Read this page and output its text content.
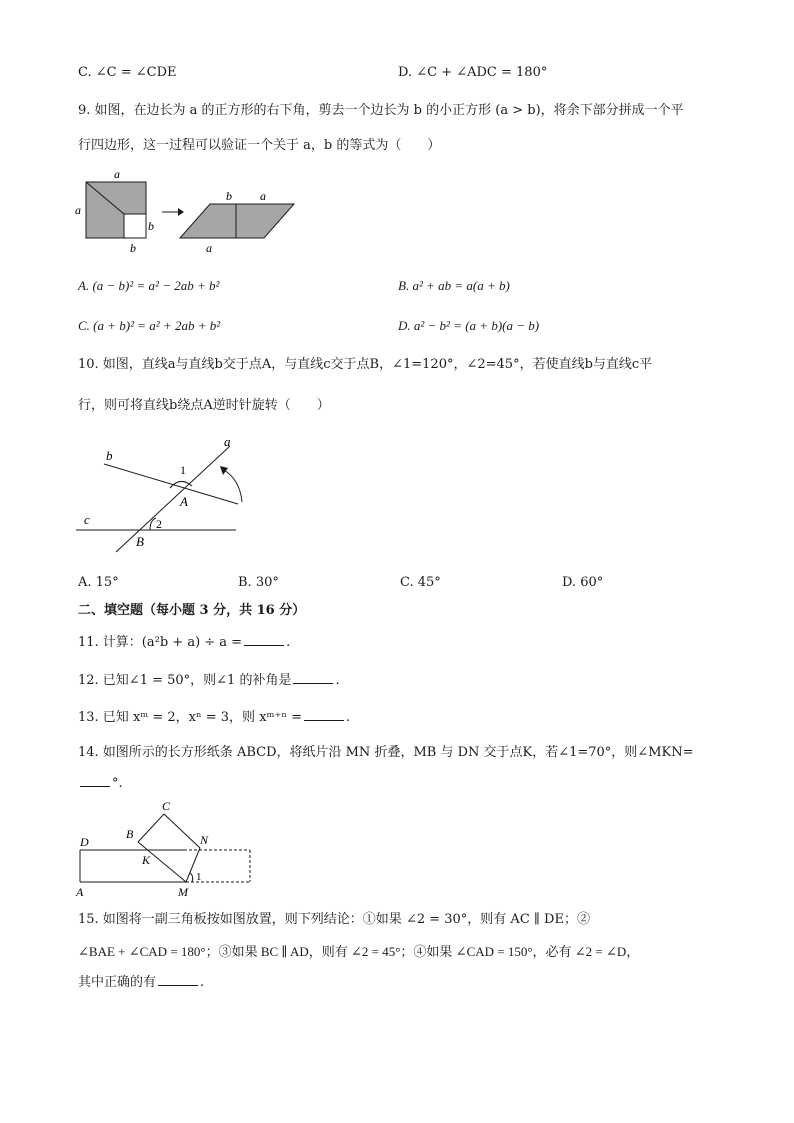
C. ∠C = ∠CDE	D. ∠C + ∠ADC = 180°
9. 如图，在边长为 a 的正方形的右下角，剪去一个边长为 b 的小正方形 (a > b)，将余下部分拼成一个平
行四边形，这一过程可以验证一个关于 a，b 的等式为（　　）
a
a
b
b
b a
a
A. (a − b)² = a² − 2ab + b²	B. a² + ab = a(a + b)
C. (a + b)² = a² + 2ab + b²	D. a² − b² = (a + b)(a − b)
10. 如图，直线a与直线b交于点A，与直线c交于点B，∠1=120°，∠2=45°，若使直线b与直线c平
行，则可将直线b绕点A逆时针旋转（　　）
a
b
c
A
B
1
2
A. 15°	B. 30°	C. 45°	D. 60°
二、填空题（每小题 3 分，共 16 分）
11. 计算：(a²b + a) ÷ a =	.
12. 已知∠1 = 50°，则∠1 的补角是	.
13. 已知 xᵐ = 2，xⁿ = 3，则 xᵐ⁺ⁿ =	.
14. 如图所示的长方形纸条 ABCD，将纸片沿 MN 折叠，MB 与 DN 交于点K，若∠1=70°，则∠MKN=
°.
C
B	N
D
K
A	M
1
15. 如图将一副三角板按如图放置，则下列结论：①如果 ∠2 = 30°，则有 AC ∥ DE；②
∠BAE + ∠CAD = 180°；③如果 BC ∥ AD，则有 ∠2 = 45°；④如果 ∠CAD = 150°，必有 ∠2 = ∠D，
其中正确的有	.
